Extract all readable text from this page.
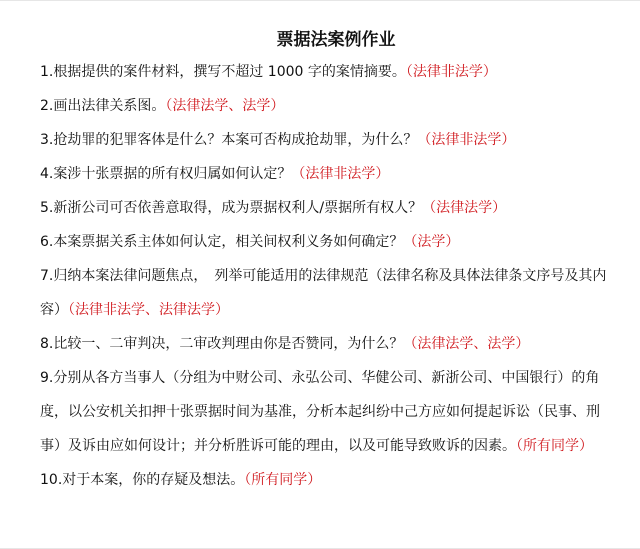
票据法案例作业
1.根据提供的案件材料，撰写不超过 1000 字的案情摘要。（法律非法学）
2.画出法律关系图。（法律法学、法学）
3.抢劫罪的犯罪客体是什么？本案可否构成抢劫罪，为什么？（法律非法学）
4.案涉十张票据的所有权归属如何认定？（法律非法学）
5.新浙公司可否依善意取得，成为票据权利人/票据所有权人？（法律法学）
6.本案票据关系主体如何认定，相关间权利义务如何确定？（法学）
7.归纳本案法律问题焦点，　列举可能适用的法律规范（法律名称及具体法律条文序号及其内容）（法律非法学、法律法学）
8.比较一、二审判决，二审改判理由你是否赞同，为什么？（法律法学、法学）
9.分别从各方当事人（分组为中财公司、永弘公司、华健公司、新浙公司、中国银行）的角度，以公安机关扣押十张票据时间为基准，分析本起纠纷中己方应如何提起诉讼（民事、刑事）及诉由应如何设计；并分析胜诉可能的理由，以及可能导致败诉的因素。（所有同学）
10.对于本案，你的存疑及想法。（所有同学）
